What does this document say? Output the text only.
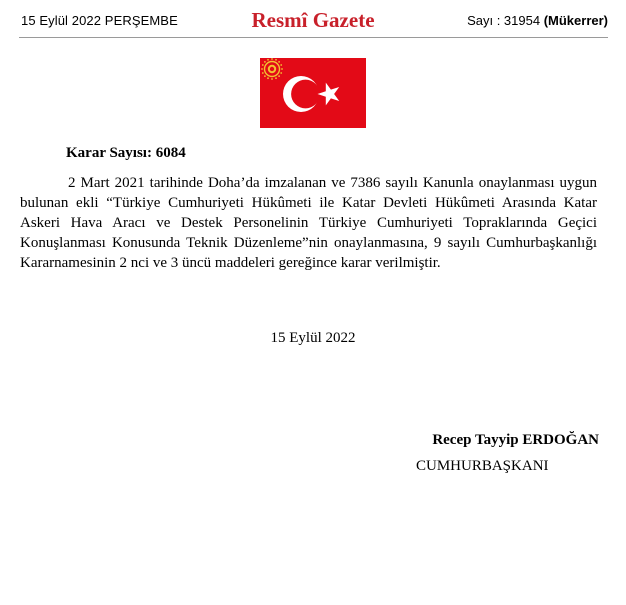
15 Eylül 2022 PERŞEMBE	Resmî Gazete	Sayı : 31954 (Mükerrer)
Karar Sayısı: 6084
2 Mart 2021 tarihinde Doha’da imzalanan ve 7386 sayılı Kanunla onaylanması uygun
bulunan ekli “Türkiye Cumhuriyeti Hükûmeti ile Katar Devleti Hükûmeti Arasında Katar
Askeri Hava Aracı ve Destek Personelinin Türkiye Cumhuriyeti Topraklarında Geçici
Konuşlanması Konusunda Teknik Düzenleme”nin onaylanmasına, 9 sayılı Cumhurbaşkanlığı
Kararnamesinin 2 nci ve 3 üncü maddeleri gereğince karar verilmiştir.
15 Eylül 2022
Recep Tayyip ERDOĞAN
CUMHURBAŞKANI
